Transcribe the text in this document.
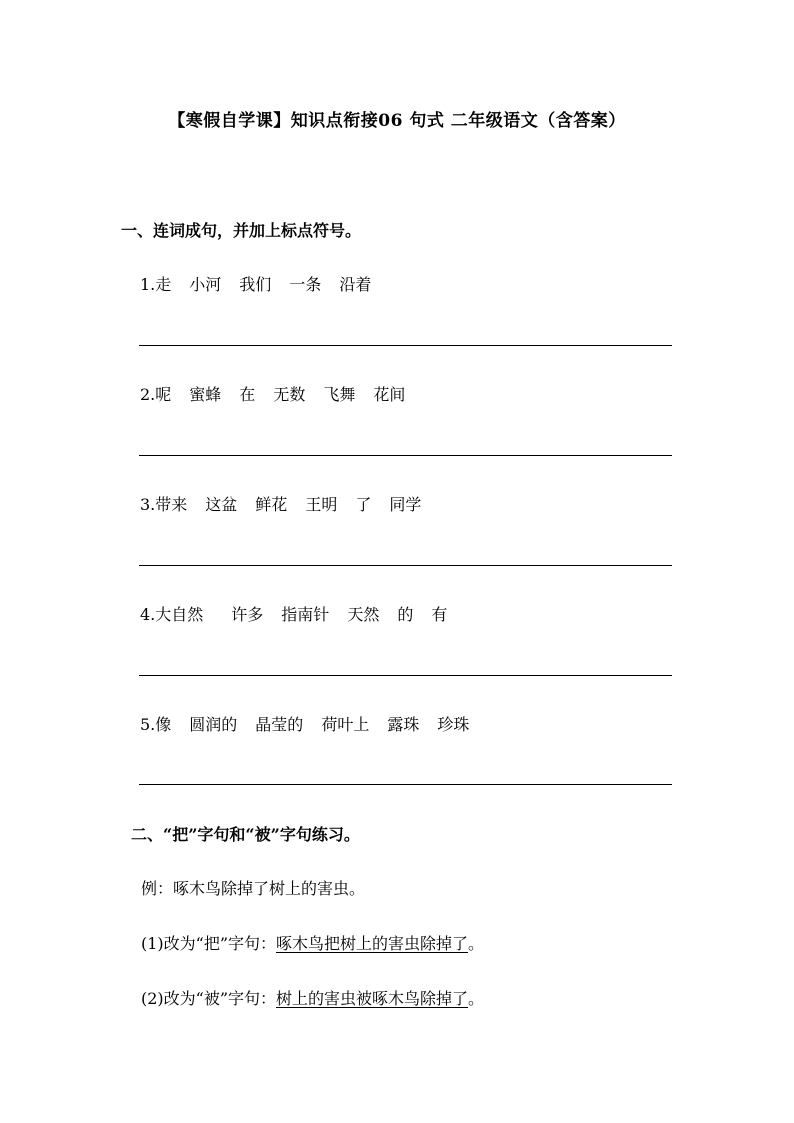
【寒假自学课】知识点衔接06 句式 二年级语文（含答案）
一、连词成句，并加上标点符号。
1.走 小河 我们 一条 沿着
2.呢 蜜蜂 在 无数 飞舞 花间
3.带来 这盆 鲜花 王明 了 同学
4.大自然 许多 指南针 天然 的 有
5.像 圆润的 晶莹的 荷叶上 露珠 珍珠
二、“把”字句和“被”字句练习。
例：啄木鸟除掉了树上的害虫。
(1)改为“把”字句：啄木鸟把树上的害虫除掉了。
(2)改为“被”字句：树上的害虫被啄木鸟除掉了。
